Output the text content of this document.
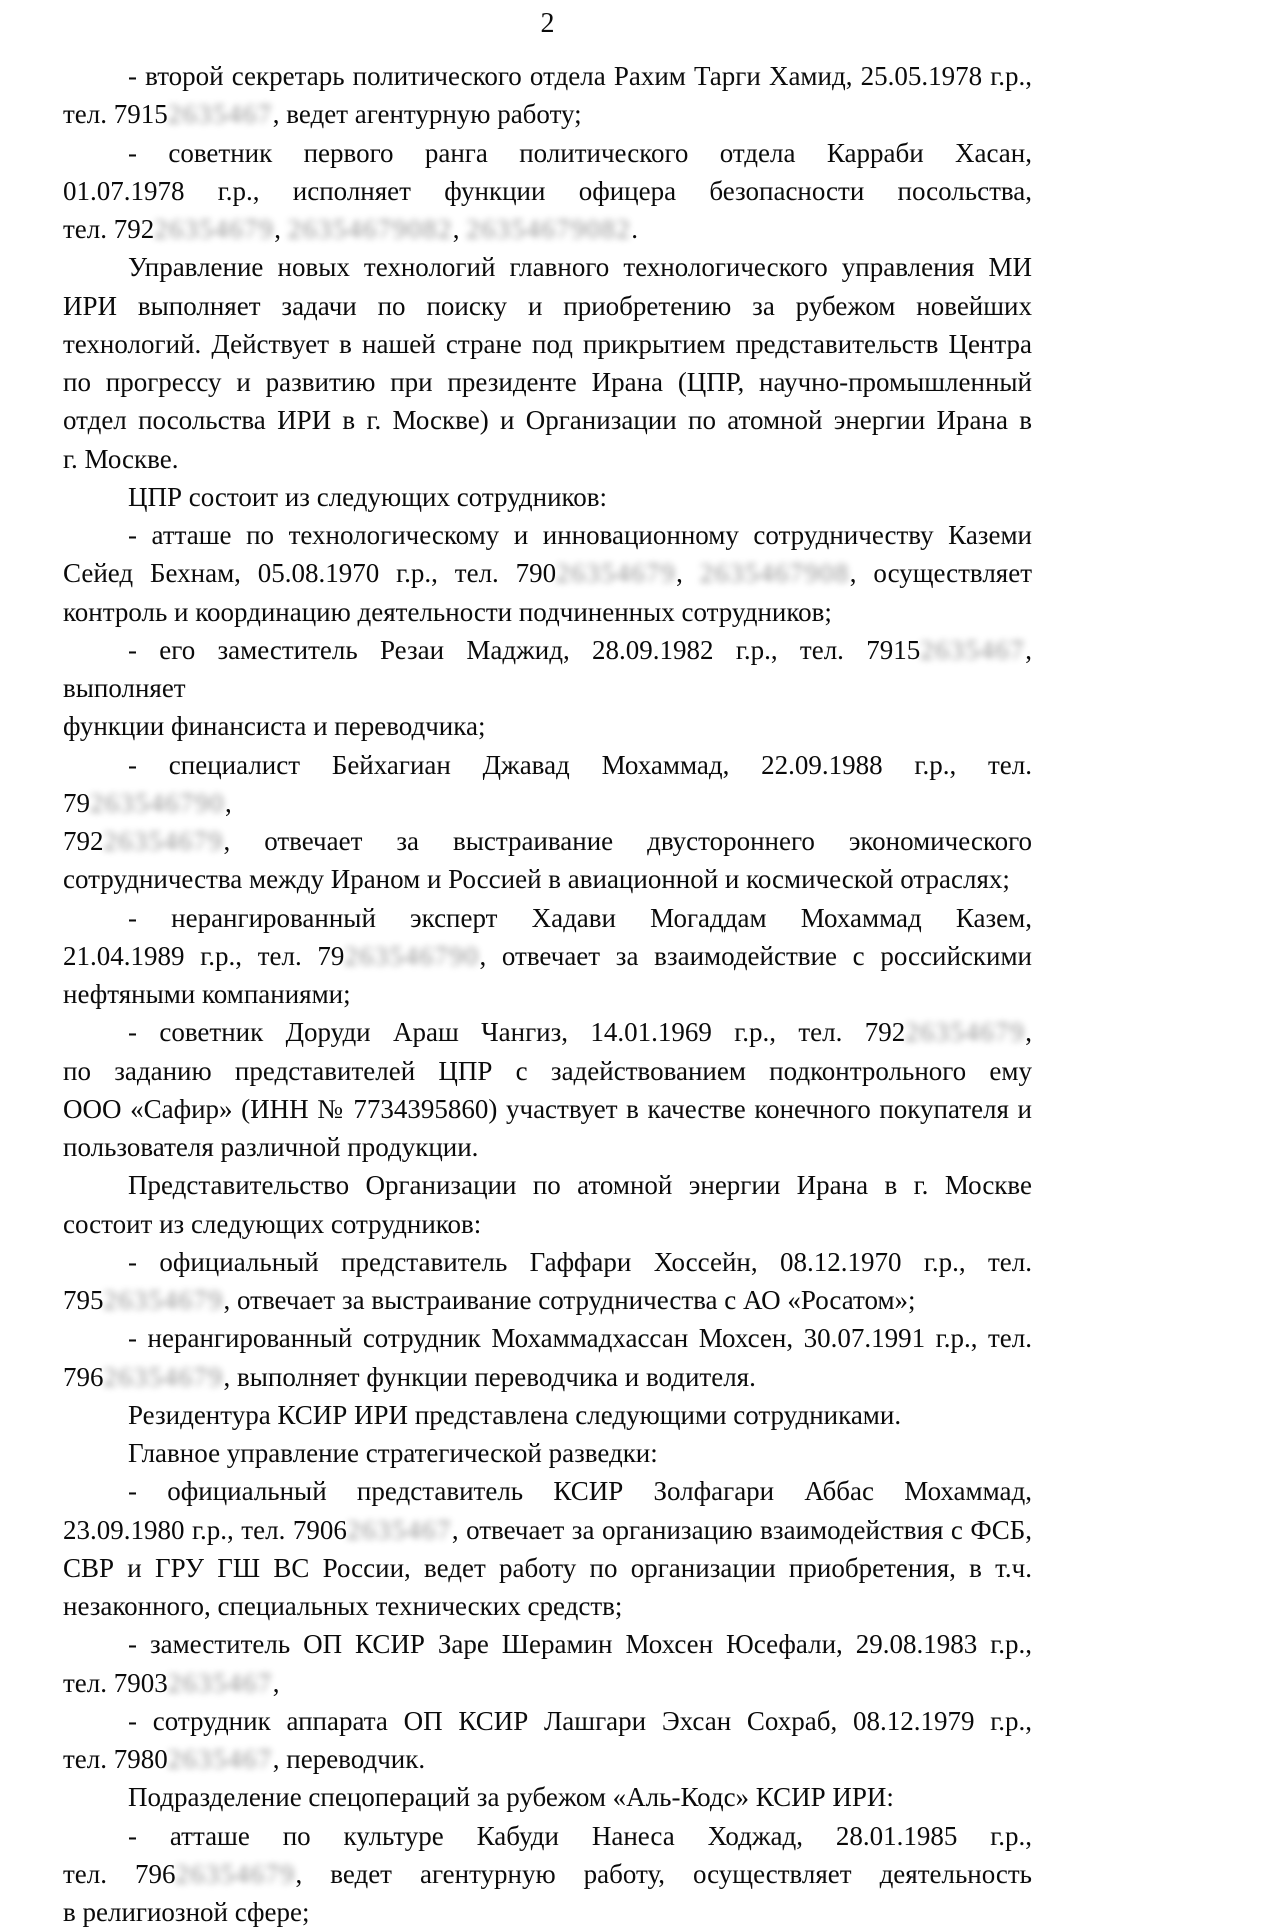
2
- второй секретарь политического отдела Рахим Тарги Хамид, 25.05.1978 г.р.,
тел. 79152635467, ведет агентурную работу;
- советник первого ранга политического отдела Карраби Хасан,
01.07.1978 г.р., исполняет функции офицера безопасности посольства,
тел. 79226354679, 26354679082, 26354679082.
Управление новых технологий главного технологического управления МИ
ИРИ выполняет задачи по поиску и приобретению за рубежом новейших
технологий. Действует в нашей стране под прикрытием представительств Центра
по прогрессу и развитию при президенте Ирана (ЦПР, научно-промышленный
отдел посольства ИРИ в г. Москве) и Организации по атомной энергии Ирана в
г. Москве.
ЦПР состоит из следующих сотрудников:
- атташе по технологическому и инновационному сотрудничеству Каземи
Сейед Бехнам, 05.08.1970 г.р., тел. 79026354679, 2635467908, осуществляет
контроль и координацию деятельности подчиненных сотрудников;
- его заместитель Резаи Маджид, 28.09.1982 г.р., тел. 79152635467, выполняет
функции финансиста и переводчика;
- специалист Бейхагиан Джавад Мохаммад, 22.09.1988 г.р., тел. 79263546790,
79226354679, отвечает за выстраивание двустороннего экономического
сотрудничества между Ираном и Россией в авиационной и космической отраслях;
- нерангированный эксперт Хадави Могаддам Мохаммад Казем,
21.04.1989 г.р., тел. 79263546790, отвечает за взаимодействие с российскими
нефтяными компаниями;
- советник Доруди Араш Чангиз, 14.01.1969 г.р., тел. 79226354679,
по заданию представителей ЦПР с задействованием подконтрольного ему
ООО «Сафир» (ИНН № 7734395860) участвует в качестве конечного покупателя и
пользователя различной продукции.
Представительство Организации по атомной энергии Ирана в г. Москве
состоит из следующих сотрудников:
- официальный представитель Гаффари Хоссейн, 08.12.1970 г.р., тел.
79526354679, отвечает за выстраивание сотрудничества с АО «Росатом»;
- нерангированный сотрудник Мохаммадхассан Мохсен, 30.07.1991 г.р., тел.
79626354679, выполняет функции переводчика и водителя.
Резидентура КСИР ИРИ представлена следующими сотрудниками.
Главное управление стратегической разведки:
- официальный представитель КСИР Золфагари Аббас Мохаммад,
23.09.1980 г.р., тел. 79062635467, отвечает за организацию взаимодействия с ФСБ,
СВР и ГРУ ГШ ВС России, ведет работу по организации приобретения, в т.ч.
незаконного, специальных технических средств;
- заместитель ОП КСИР Заре Шерамин Мохсен Юсефали, 29.08.1983 г.р.,
тел. 79032635467,
- сотрудник аппарата ОП КСИР Лашгари Эхсан Сохраб, 08.12.1979 г.р.,
тел. 79802635467, переводчик.
Подразделение спецопераций за рубежом «Аль-Кодс» КСИР ИРИ:
- атташе по культуре Кабуди Нанеса Ходжад, 28.01.1985 г.р.,
тел. 79626354679, ведет агентурную работу, осуществляет деятельность
в религиозной сфере;
